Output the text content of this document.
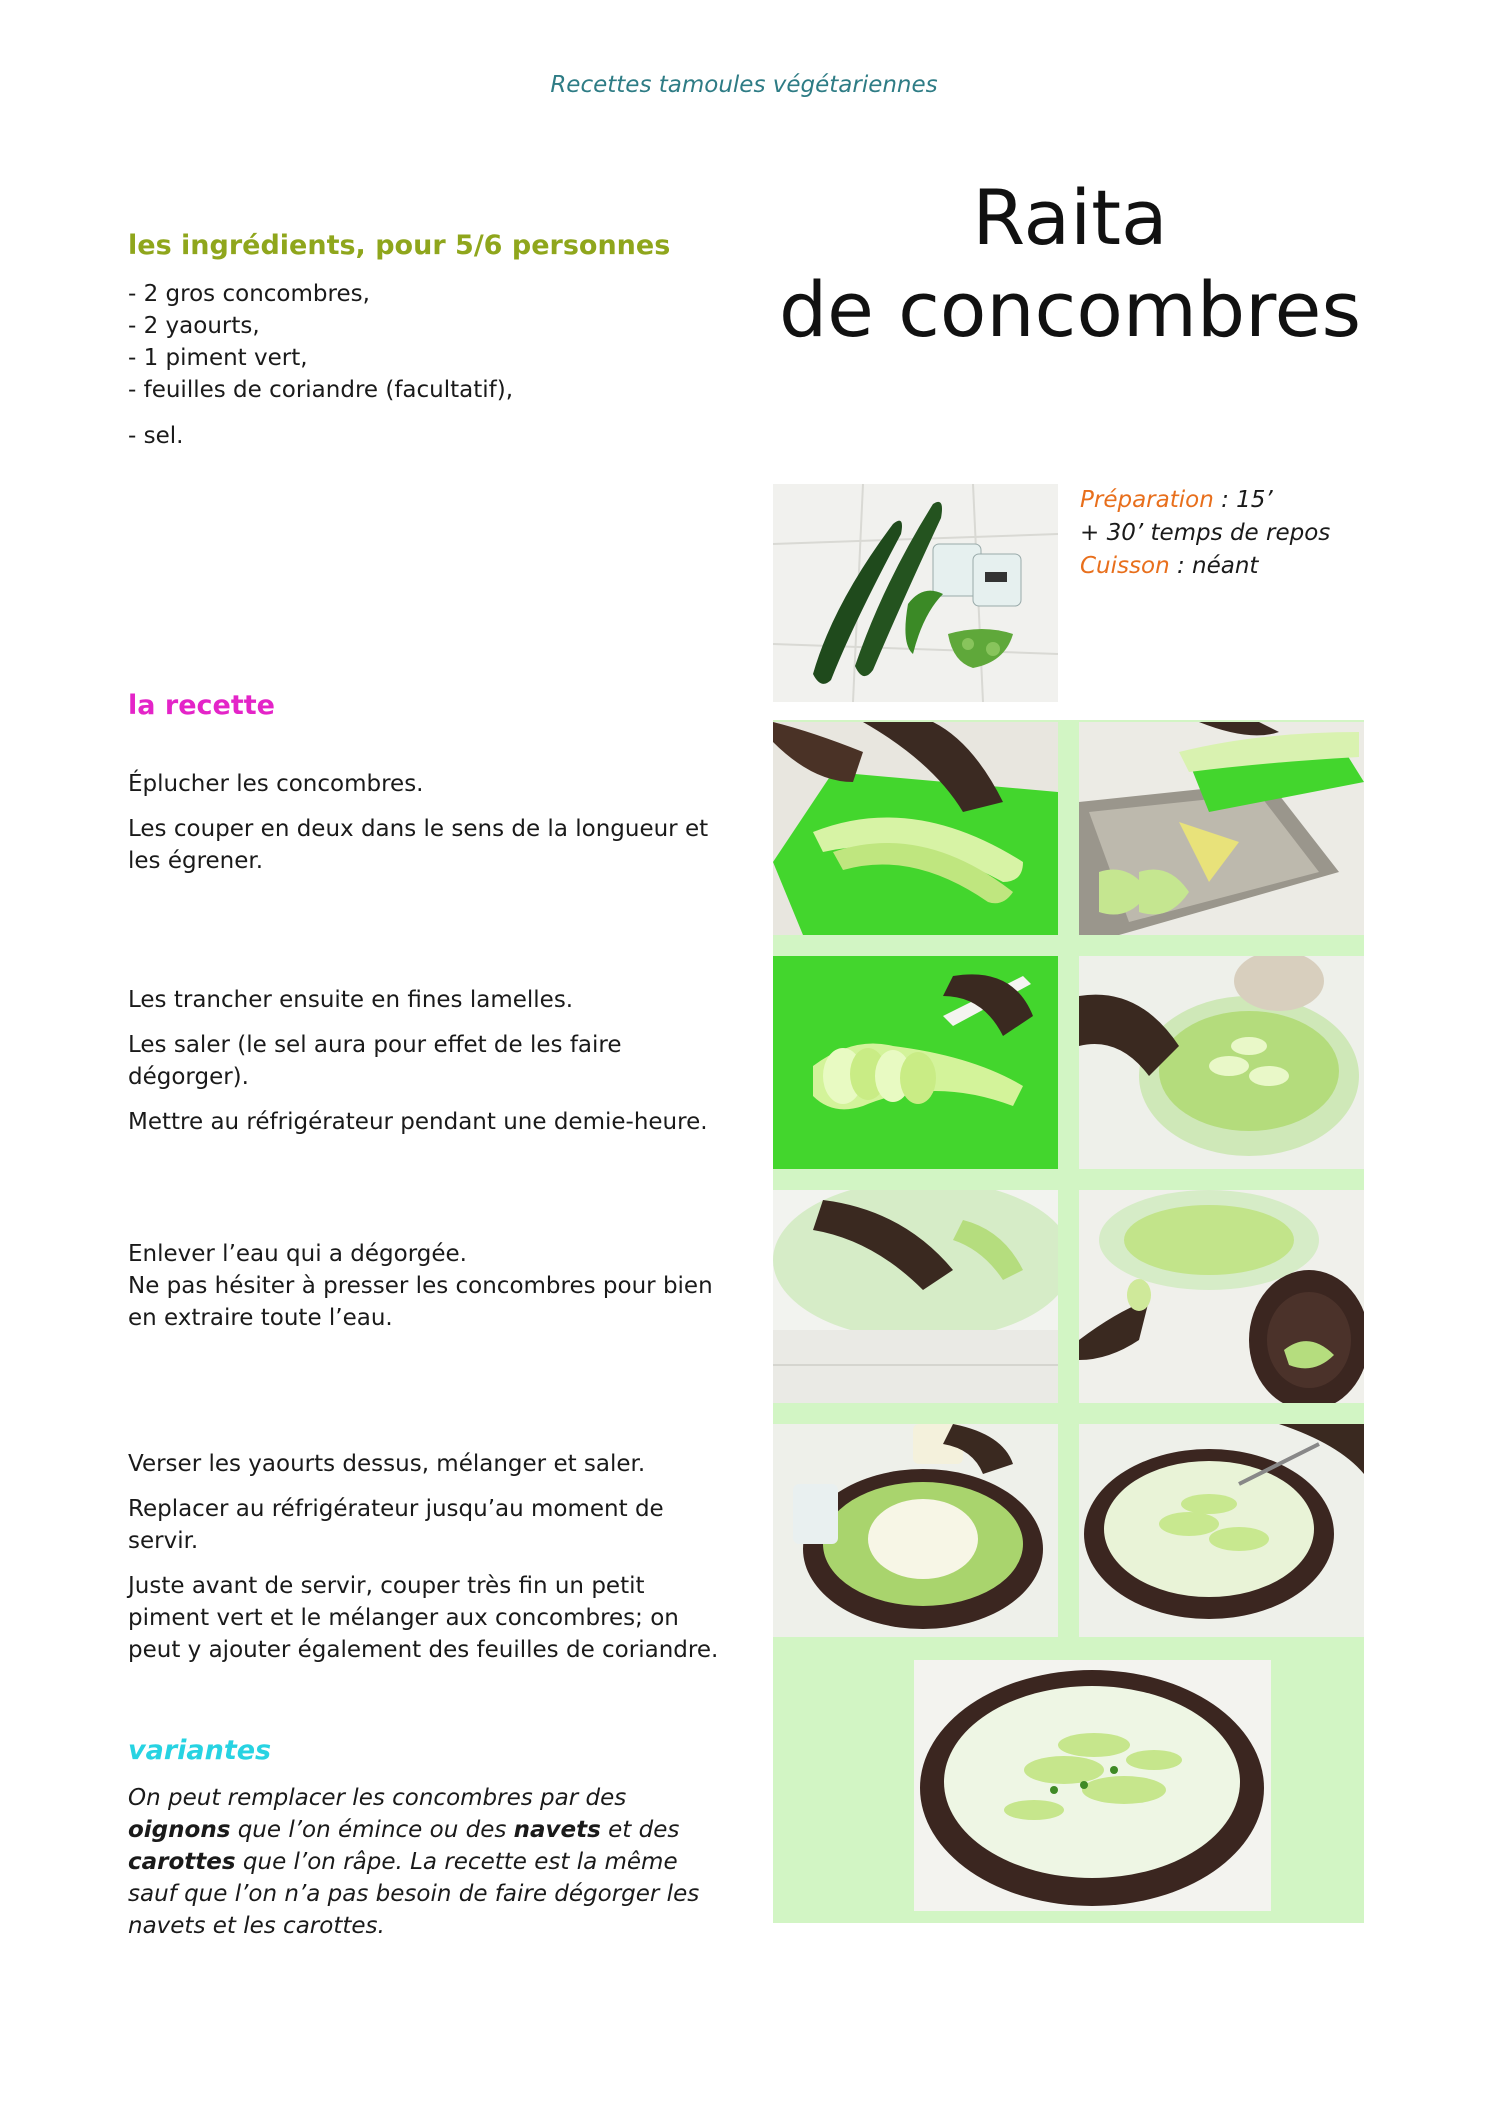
Recettes tamoules végétariennes
Raita
de concombres
les ingrédients, pour 5/6 personnes
- 2 gros concombres,
- 2 yaourts,
- 1 piment vert,
- feuilles de coriandre (facultatif),
- sel.
Préparation : 15’
+ 30’ temps de repos
Cuisson : néant
la recette

Éplucher les concombres.

Les couper en deux dans le sens de la longueur et les égrener.

Les trancher ensuite en fines lamelles.

Les saler (le sel aura pour effet de les faire dégorger).

Mettre au réfrigérateur pendant une demie-heure.

Enlever l’eau qui a dégorgée.
Ne pas hésiter à presser les concombres pour bien en extraire toute l’eau.

Verser les yaourts dessus, mélanger et saler.

Replacer au réfrigérateur jusqu’au moment de servir.

Juste avant de servir, couper très fin un petit piment vert et le mélanger aux concombres; on peut y ajouter également des feuilles de coriandre.

variantes
On peut remplacer les concombres par des oignons que l’on émince ou des navets et des carottes que l’on râpe. La recette est la même sauf que l’on n’a pas besoin de faire dégorger les navets et les carottes.
